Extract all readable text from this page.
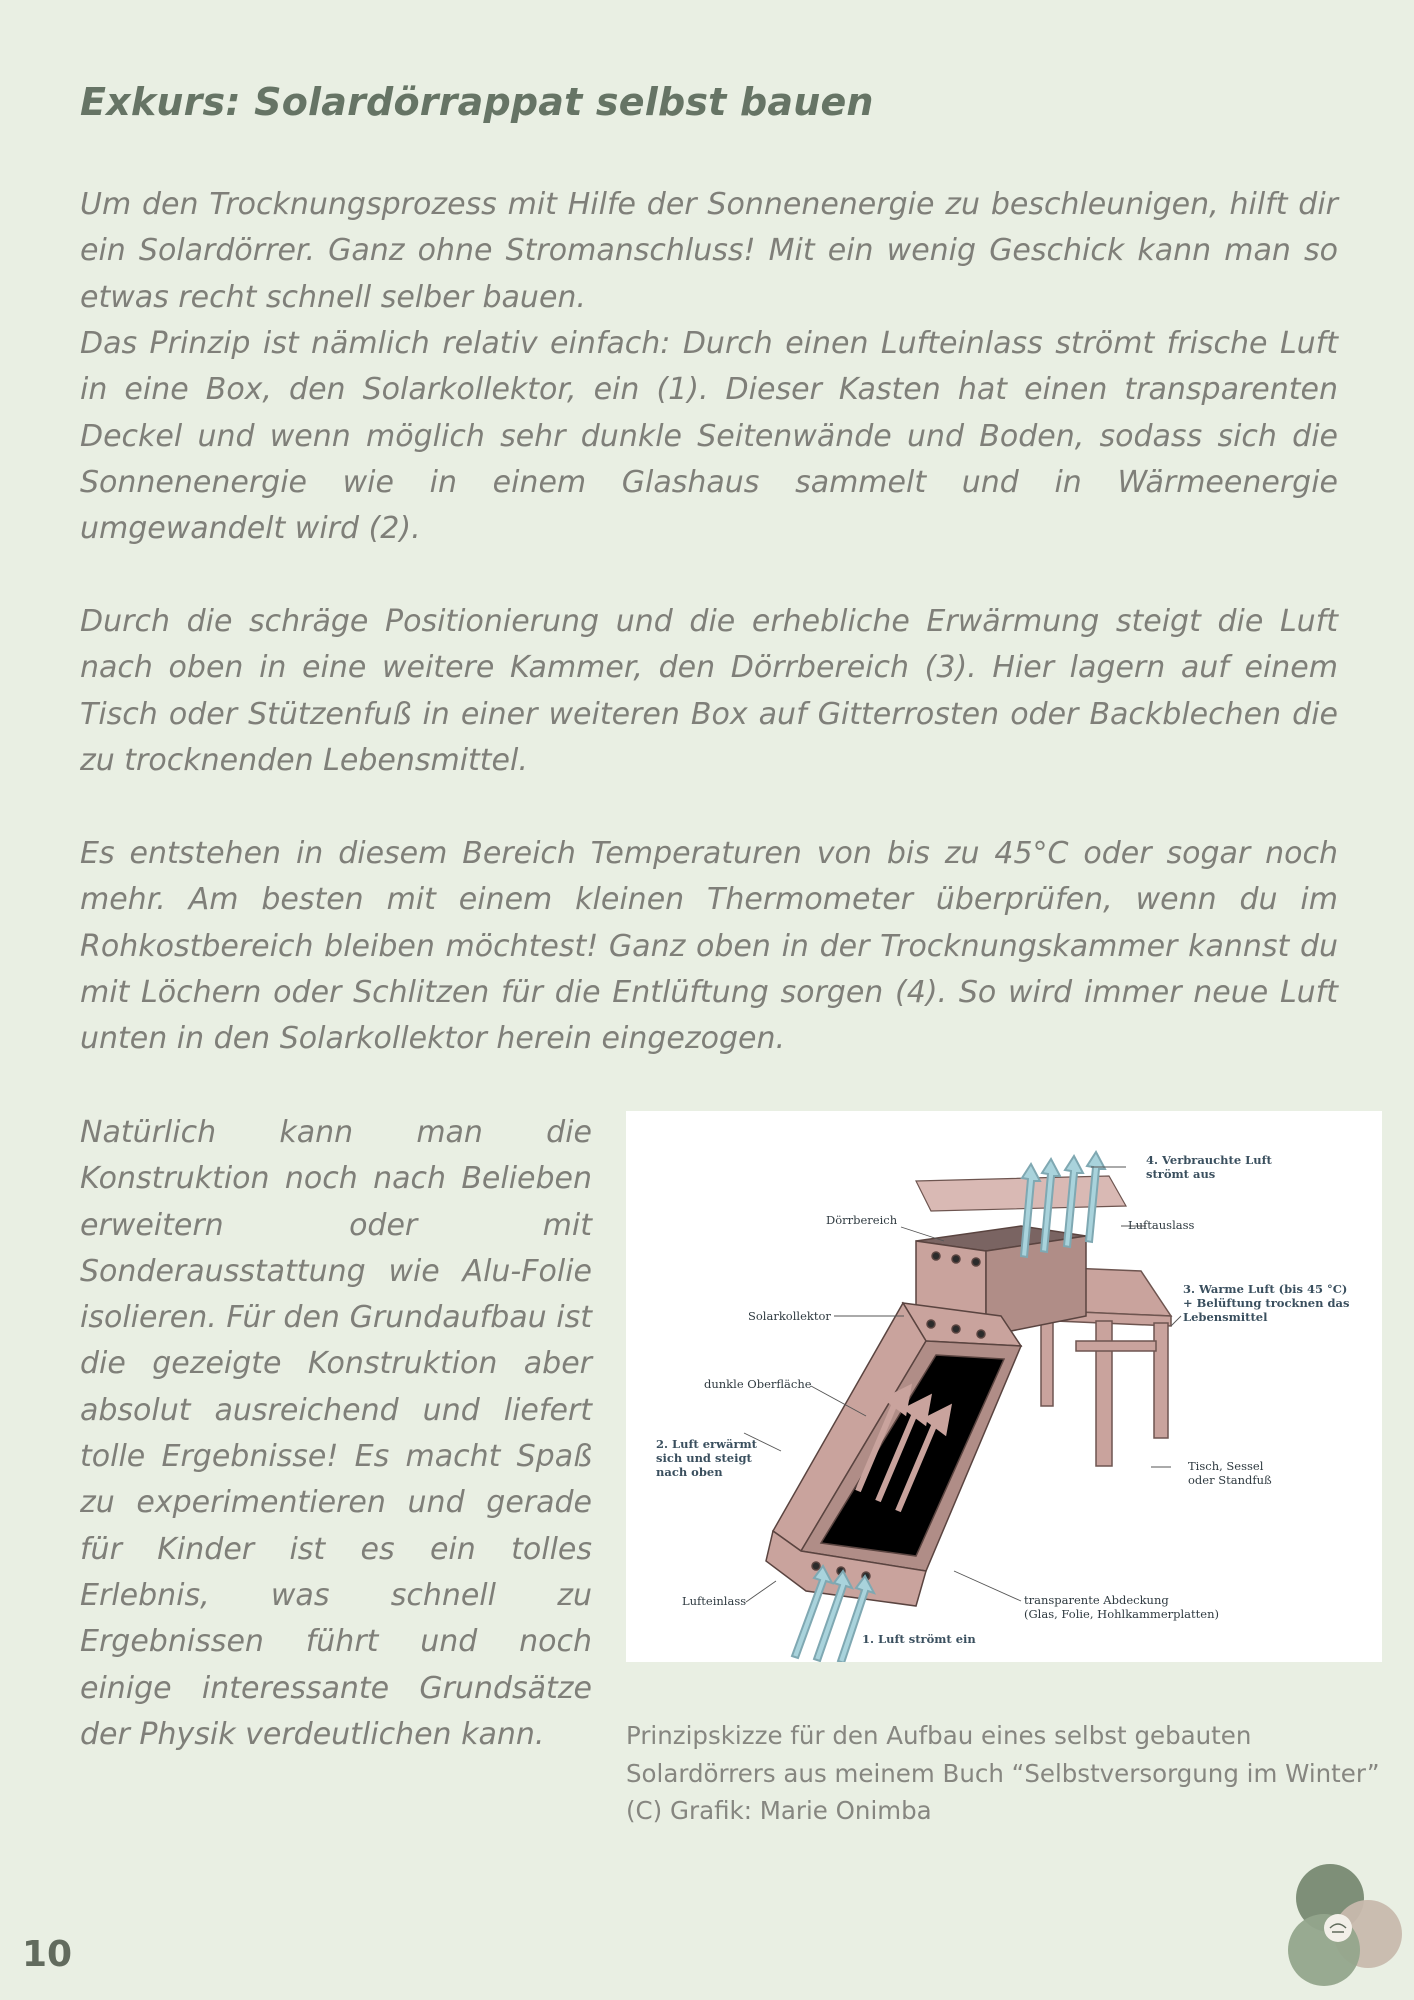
Exkurs: Solardörrappat selbst bauen

Um den Trocknungsprozess mit Hilfe der Sonnenenergie zu beschleunigen, hilft dir ein Solardörrer. Ganz ohne Stromanschluss! Mit ein wenig Geschick kann man so etwas recht schnell selber bauen.

Das Prinzip ist nämlich relativ einfach: Durch einen Lufteinlass strömt frische Luft in eine Box, den Solarkollektor, ein (1). Dieser Kasten hat einen transparenten Deckel und wenn möglich sehr dunkle Seitenwände und Boden, sodass sich die Sonnenenergie wie in einem Glashaus sammelt und in Wärmeenergie umgewandelt wird (2).

Durch die schräge Positionierung und die erhebliche Erwärmung steigt die Luft nach oben in eine weitere Kammer, den Dörrbereich (3). Hier lagern auf einem Tisch oder Stützenfuß in einer weiteren Box auf Gitterrosten oder Backblechen die zu trocknenden Lebensmittel.

Es entstehen in diesem Bereich Temperaturen von bis zu 45°C oder sogar noch mehr. Am besten mit einem kleinen Thermometer überprüfen, wenn du im Rohkostbereich bleiben möchtest! Ganz oben in der Trocknungskammer kannst du mit Löchern oder Schlitzen für die Entlüftung sorgen (4). So wird immer neue Luft unten in den Solarkollektor herein eingezogen.

Natürlich kann man die Konstruktion noch nach Belieben erweitern oder mit Sonderausstattung wie Alu-Folie isolieren. Für den Grundaufbau ist die gezeigte Konstruktion aber absolut ausreichend und liefert tolle Ergebnisse! Es macht Spaß zu experimentieren und gerade für Kinder ist es ein tolles Erlebnis, was schnell zu Ergebnissen führt und noch einige interessante Grundsätze der Physik verdeutlichen kann.

4. Verbrauchte Luft
strömt aus
Dörrbereich	Luftauslass
3. Warme Luft (bis 45 °C)
+ Belüftung trocknen das
Lebensmittel
Solarkollektor
dunkle Oberfläche
2. Luft erwärmt
sich und steigt
nach oben	Tisch, Sessel
oder Standfuß
Lufteinlass	transparente Abdeckung
(Glas, Folie, Hohlkammerplatten)
1. Luft strömt ein

Prinzipskizze für den Aufbau eines selbst gebauten
Solardörrers aus meinem Buch “Selbstversorgung im Winter”
(C) Grafik: Marie Onimba

10
